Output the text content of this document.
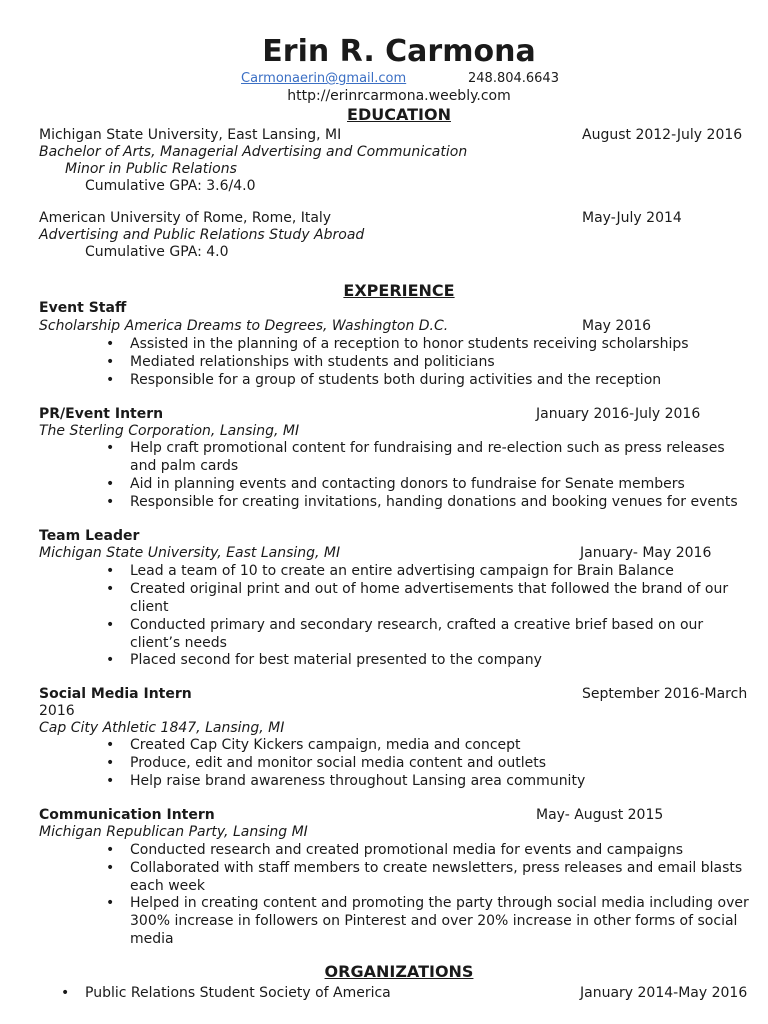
Erin R. Carmona
Carmonaerin@gmail.com	248.804.6643
http://erinrcarmona.weebly.com
EDUCATION
Michigan State University, East Lansing, MI	August 2012-July 2016
Bachelor of Arts, Managerial Advertising and Communication
Minor in Public Relations
Cumulative GPA: 3.6/4.0
American University of Rome, Rome, Italy	May-July 2014
Advertising and Public Relations Study Abroad
Cumulative GPA: 4.0
EXPERIENCE
Event Staff
Scholarship America Dreams to Degrees, Washington D.C.	May 2016
• Assisted in the planning of a reception to honor students receiving scholarships
• Mediated relationships with students and politicians
• Responsible for a group of students both during activities and the reception
PR/Event Intern	January 2016-July 2016
The Sterling Corporation, Lansing, MI
• Help craft promotional content for fundraising and re-election such as press releases and palm cards
• Aid in planning events and contacting donors to fundraise for Senate members
• Responsible for creating invitations, handing donations and booking venues for events
Team Leader
Michigan State University, East Lansing, MI	January- May 2016
• Lead a team of 10 to create an entire advertising campaign for Brain Balance
• Created original print and out of home advertisements that followed the brand of our client
• Conducted primary and secondary research, crafted a creative brief based on our client’s needs
• Placed second for best material presented to the company
Social Media Intern	September 2016-March
2016
Cap City Athletic 1847, Lansing, MI
• Created Cap City Kickers campaign, media and concept
• Produce, edit and monitor social media content and outlets
• Help raise brand awareness throughout Lansing area community
Communication Intern	May- August 2015
Michigan Republican Party, Lansing MI
• Conducted research and created promotional media for events and campaigns
• Collaborated with staff members to create newsletters, press releases and email blasts each week
• Helped in creating content and promoting the party through social media including over 300% increase in followers on Pinterest and over 20% increase in other forms of social media
ORGANIZATIONS
• Public Relations Student Society of America	January 2014-May 2016
